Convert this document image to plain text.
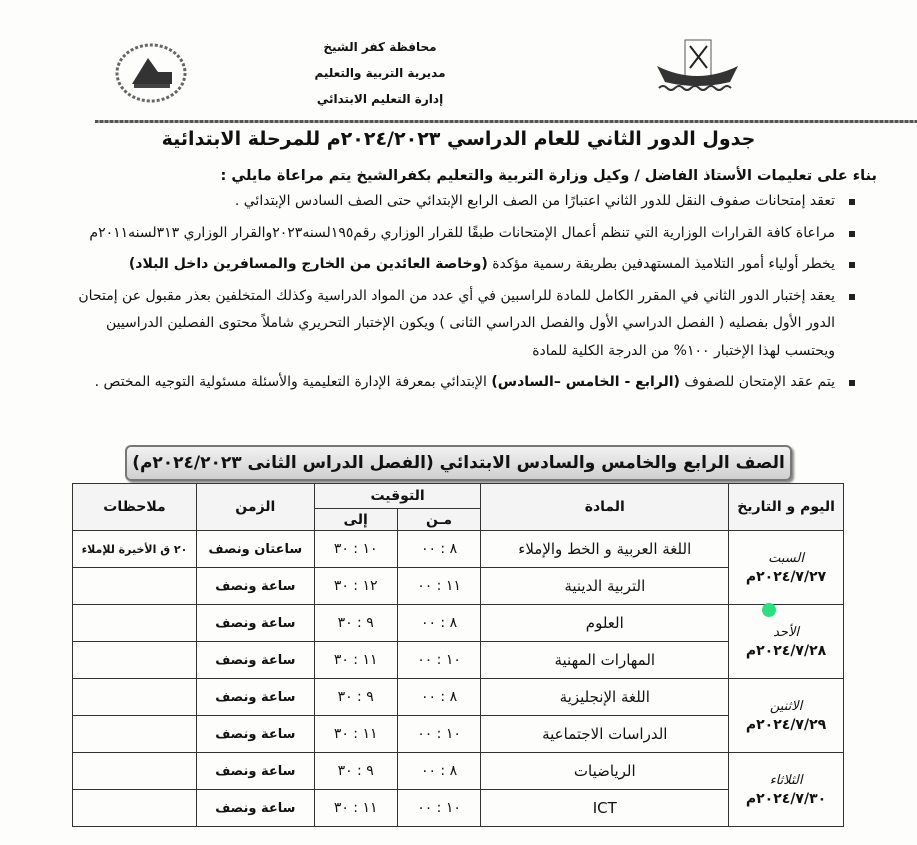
محافظة كفر الشيخ
مديرية التربية والتعليم
إدارة التعليم الابتدائي
جدول الدور الثاني للعام الدراسي ٢٠٢٤/٢٠٢٣م للمرحلة الابتدائية
بناء على تعليمات الأستاذ الفاضل / وكيل وزارة التربية والتعليم بكفرالشيخ يتم مراعاة مايلي :
تعقد إمتحانات صفوف النقل للدور الثاني اعتبارًا من الصف الرابع الإبتدائي حتى الصف السادس الإبتدائي .
مراعاة كافة القرارات الوزارية التي تنظم أعمال الإمتحانات طبقًا للقرار الوزاري رقم١٩٥لسنه٢٠٢٣والقرار الوزاري ٣١٣لسنه٢٠١١م
يخطر أولياء أمور التلاميذ المستهدفين بطريقة رسمية مؤكدة (وخاصة العائدين من الخارج والمسافرين داخل البلاد)
يعقد إختبار الدور الثاني في المقرر الكامل للمادة للراسبين في أي عدد من المواد الدراسية وكذلك المتخلفين بعذر مقبول عن إمتحان الدور الأول بفصليه ( الفصل الدراسي الأول والفصل الدراسي الثانى ) ويكون الإختبار التحريري شاملاً محتوى الفصلين الدراسيين ويحتسب لهذا الإختبار ١٠٠% من الدرجة الكلية للمادة
يتم عقد الإمتحان للصفوف (الرابع - الخامس –السادس) الإبتدائي بمعرفة الإدارة التعليمية والأسئلة مسئولية التوجيه المختص .
الصف الرابع والخامس والسادس الابتدائي (الفصل الدراس الثانى ٢٠٢٤/٢٠٢٣م)
اليوم و التاريخ	المادة	التوقيت		الزمن	ملاحظات
		مـن	إلى		

السبت
٢٠٢٤/٧/٢٧م	اللغة العربية و الخط والإملاء	٨ : ٠٠	١٠ : ٣٠	ساعتان ونصف	٢٠ ق الأخيرة للإملاء
	التربية الدينية	١١ : ٠٠	١٢ : ٣٠	ساعة ونصف	

الأحد
٢٠٢٤/٧/٢٨م	العلوم	٨ : ٠٠	٩ : ٣٠	ساعة ونصف	
	المهارات المهنية	١٠ : ٠٠	١١ : ٣٠	ساعة ونصف	

الاثنين
٢٠٢٤/٧/٢٩م	اللغة الإنجليزية	٨ : ٠٠	٩ : ٣٠	ساعة ونصف	
	الدراسات الاجتماعية	١٠ : ٠٠	١١ : ٣٠	ساعة ونصف	

الثلاثاء
٢٠٢٤/٧/٣٠م	الرياضيات	٨ : ٠٠	٩ : ٣٠	ساعة ونصف	
	ICT	١٠ : ٠٠	١١ : ٣٠	ساعة ونصف	
